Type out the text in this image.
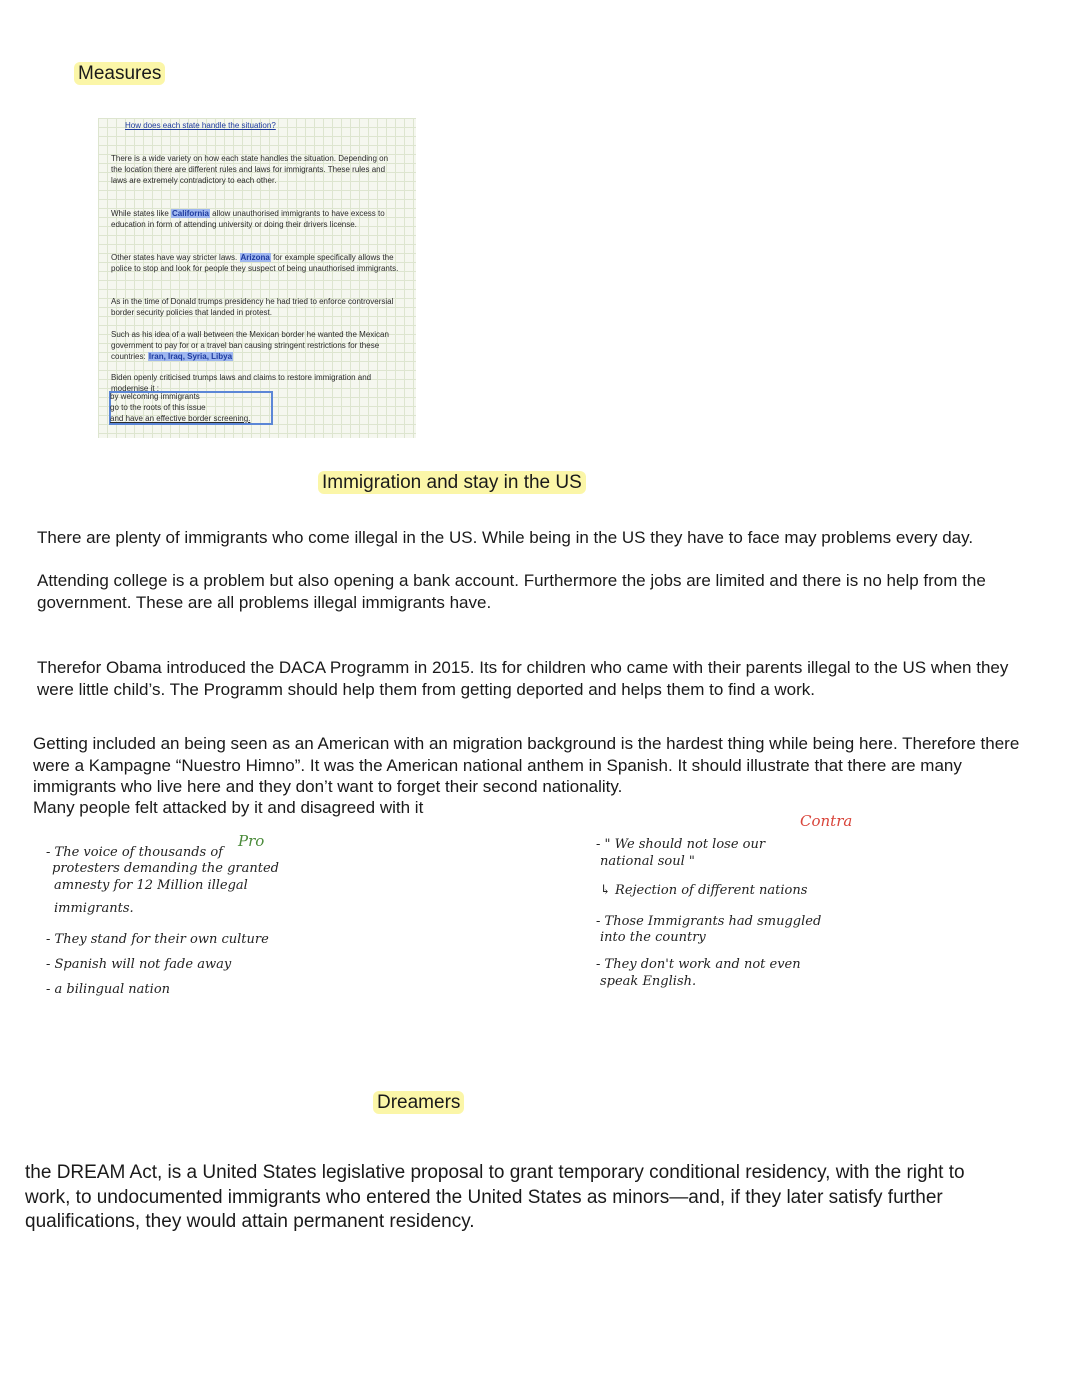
Measures
How does each state handle the situation?

There is a wide variety on how each state handles the situation. Depending on the location there are different rules and laws for immigrants. These rules and laws are extremely contradictory to each other.

While states like California allow unauthorised immigrants to have excess to education in form of attending university or doing their drivers license.

Other states have way stricter laws. Arizona for example specifically allows the police to stop and look for people they suspect of being unauthorised immigrants.

As in the time of Donald trumps presidency he had tried to enforce controversial border security policies that landed in protest.

Such as his idea of a wall between the Mexican border he wanted the Mexican government to pay for or a travel ban causing stringent restrictions for these countries: Iran, Iraq, Syria, Libya

Biden openly criticised trumps laws and claims to restore immigration and modernise it :

by welcoming immigrants
go to the roots of this issue
and have an effective border screening.
Immigration and stay in the US

There are plenty of immigrants who come illegal in the US. While being in the US they have to face may problems every day.

Attending college is a problem but also opening a bank account. Furthermore the jobs are limited and there is no help from the government. These are all problems illegal immigrants have.

Therefor Obama introduced the DACA Programm in 2015. Its for children who came with their parents illegal to the US when they were little child’s. The Programm should help them from getting deported and helps them to find a work.

Getting included an being seen as an American with an migration background is the hardest thing while being here. Therefore there were a Kampagne “Nuestro Himno”. It was the American national anthem in Spanish. It should illustrate that there are many immigrants who live here and they don’t want to forget their second nationality.

Many people felt attacked by it and disagreed with it

Pro

- The voice of thousands of

protesters demanding the granted

amnesty for 12 Million illegal

immigrants.

- They stand for their own culture

- Spanish will not fade away

- a bilingual nation

Contra

- " We should not lose our

national soul "

↳ Rejection of different nations

- Those Immigrants had smuggled

into the country

- They don't work and not even

speak English.

Dreamers

the DREAM Act, is a United States legislative proposal to grant temporary conditional residency, with the right to work, to undocumented immigrants who entered the United States as minors—and, if they later satisfy further qualifications, they would attain permanent residency.
